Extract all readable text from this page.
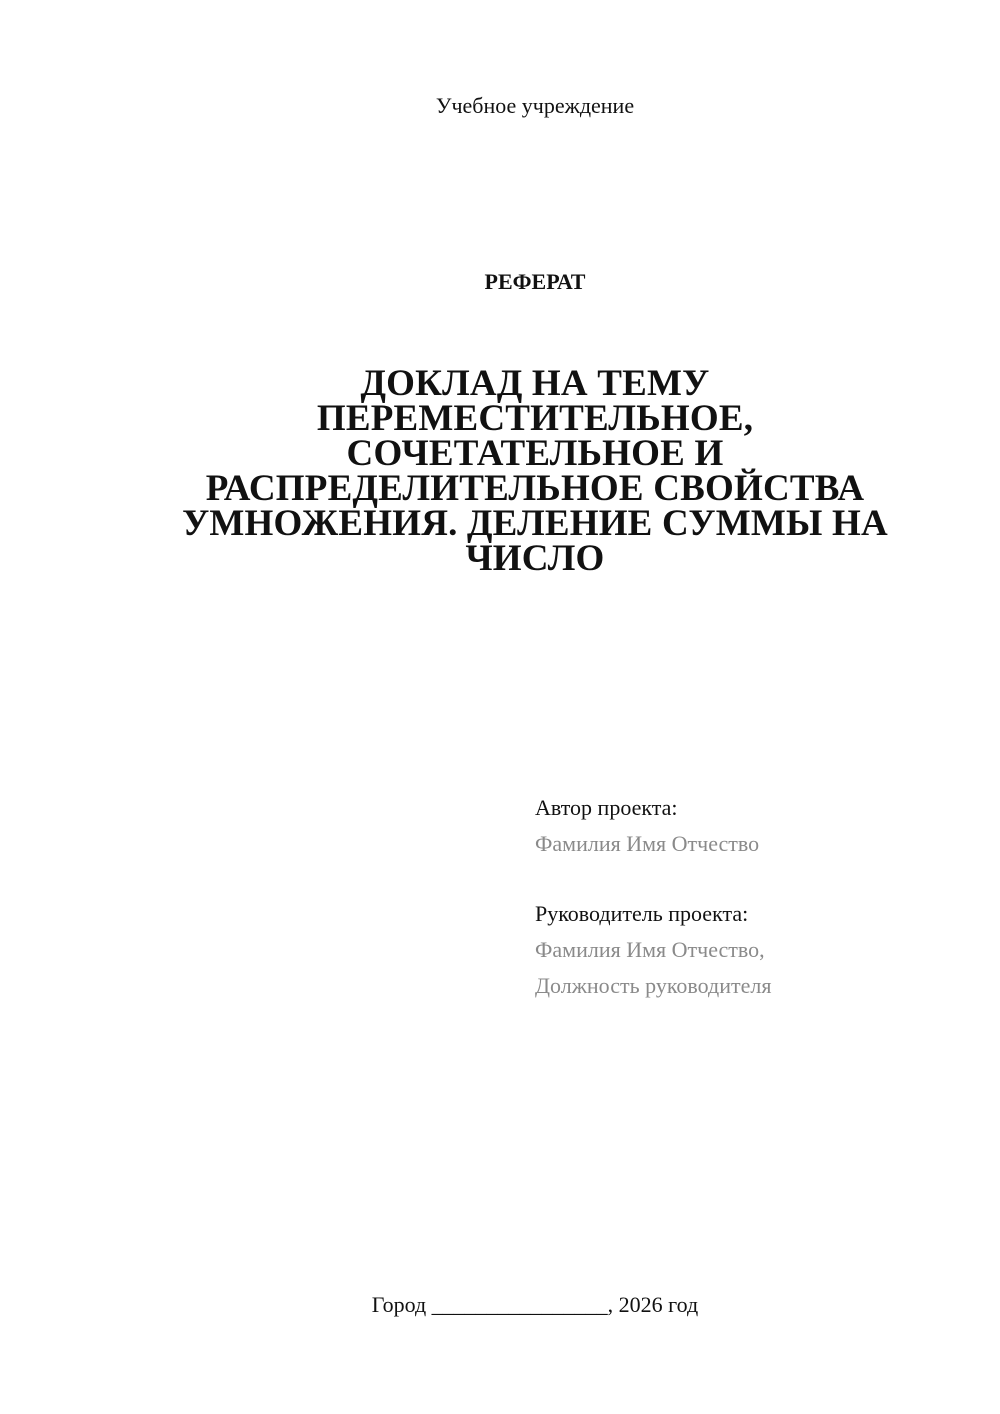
Учебное учреждение
РЕФЕРАТ
ДОКЛАД НА ТЕМУ
ПЕРЕМЕСТИТЕЛЬНОЕ,
СОЧЕТАТЕЛЬНОЕ И
РАСПРЕДЕЛИТЕЛЬНОЕ СВОЙСТВА
УМНОЖЕНИЯ. ДЕЛЕНИЕ СУММЫ НА
ЧИСЛО
Автор проекта:
Фамилия Имя Отчество
Руководитель проекта:
Фамилия Имя Отчество,
Должность руководителя
Город ________________, 2026 год
